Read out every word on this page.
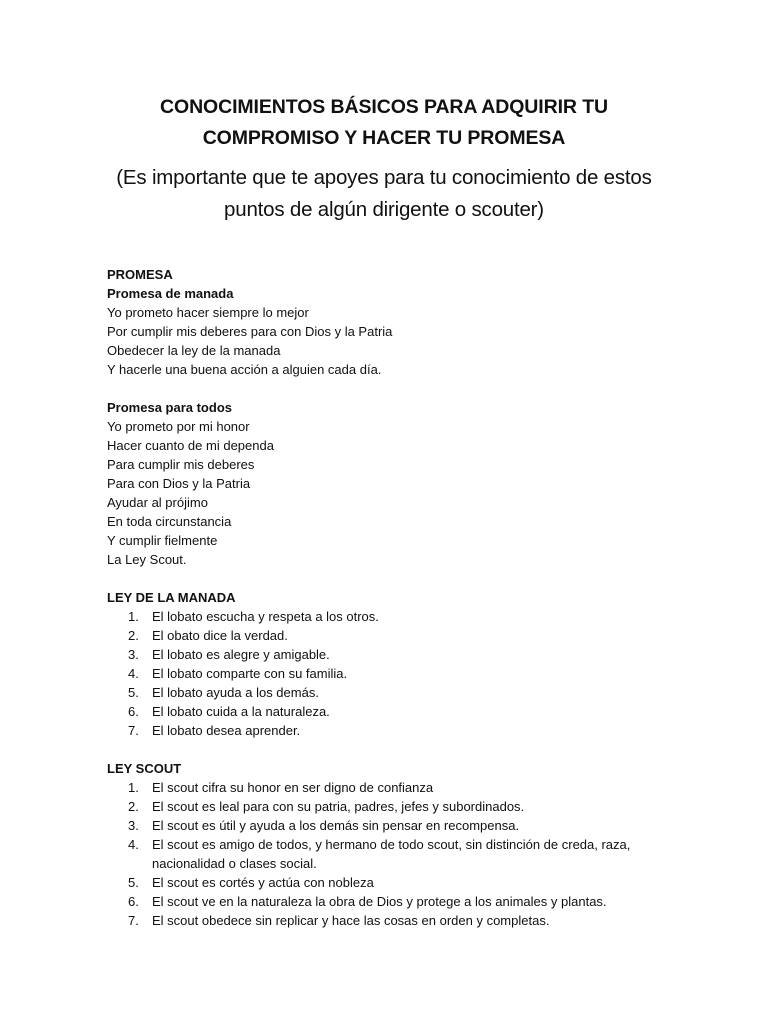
CONOCIMIENTOS BÁSICOS PARA ADQUIRIR TU
COMPROMISO Y HACER TU PROMESA
(Es importante que te apoyes para tu conocimiento de estos
puntos de algún dirigente o scouter)
PROMESA
Promesa de manada
Yo prometo hacer siempre lo mejor
Por cumplir mis deberes para con Dios y la Patria
Obedecer la ley de la manada
Y hacerle una buena acción a alguien cada día.
Promesa para todos
Yo prometo por mi honor
Hacer cuanto de mi dependa
Para cumplir mis deberes
Para con Dios y la Patria
Ayudar al prójimo
En toda circunstancia
Y cumplir fielmente
La Ley Scout.
LEY DE LA MANADA
1. El lobato escucha y respeta a los otros.
2. El obato dice la verdad.
3. El lobato es alegre y amigable.
4. El lobato comparte con su familia.
5. El lobato ayuda a los demás.
6. El lobato cuida a la naturaleza.
7. El lobato desea aprender.
LEY SCOUT
1. El scout cifra su honor en ser digno de confianza
2. El scout es leal para con su patria, padres, jefes y subordinados.
3. El scout es útil y ayuda a los demás sin pensar en recompensa.
4. El scout es amigo de todos, y hermano de todo scout, sin distinción de creda, raza, nacionalidad o clases social.
5. El scout es cortés y actúa con nobleza
6. El scout ve en la naturaleza la obra de Dios y protege a los animales y plantas.
7. El scout obedece sin replicar y hace las cosas en orden y completas.
